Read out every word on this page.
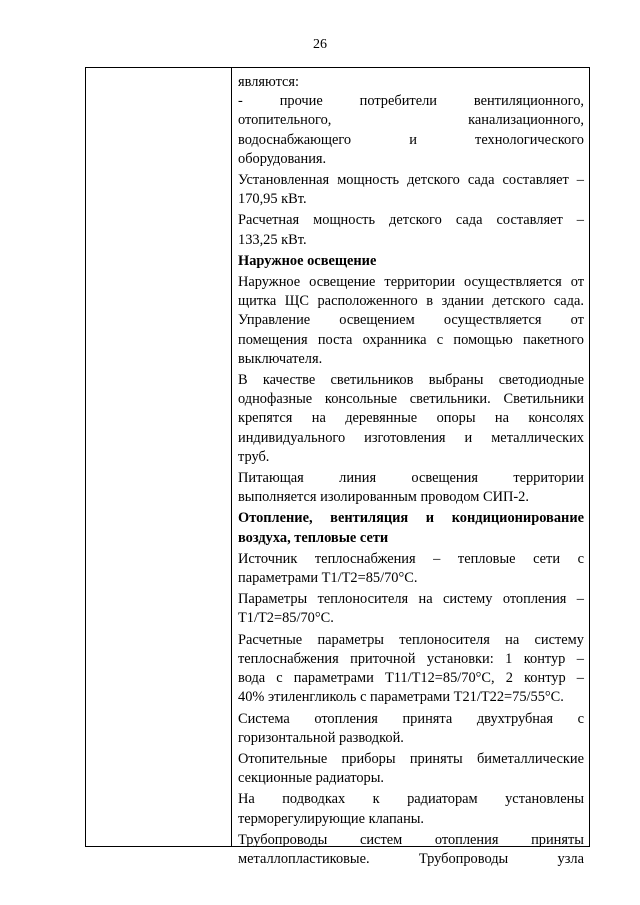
26

являются:
-	прочие	потребители	вентиляционного,
отопительного,	канализационного,
водоснабжающего	и	технологического
оборудования.

Установленная мощность детского сада составляет –
170,95 кВт.

Расчетная мощность детского сада составляет –
133,25 кВт.

Наружное освещение

Наружное освещение территории осуществляется от
щитка ЩС расположенного в здании детского сада.
Управление освещением осуществляется от
помещения поста охранника с помощью пакетного
выключателя.

В качестве светильников выбраны светодиодные
однофазные консольные светильники. Светильники
крепятся на деревянные опоры на консолях
индивидуального изготовления и металлических
труб.

Питающая линия освещения территории
выполняется изолированным проводом СИП-2.

Отопление, вентиляция и кондиционирование
воздуха, тепловые сети

Источник теплоснабжения – тепловые сети с
параметрами Т1/Т2=85/70°С.

Параметры теплоносителя на систему отопления –
Т1/Т2=85/70°С.

Расчетные параметры теплоносителя на систему
теплоснабжения приточной установки: 1 контур –
вода с параметрами Т11/Т12=85/70°С, 2 контур –
40% этиленгликоль с параметрами Т21/Т22=75/55°С.

Система отопления принята двухтрубная с
горизонтальной разводкой.

Отопительные приборы приняты биметаллические
секционные радиаторы.

На подводках к радиаторам установлены
терморегулирующие клапаны.

Трубопроводы систем отопления приняты
металлопластиковые.	Трубопроводы	узла
